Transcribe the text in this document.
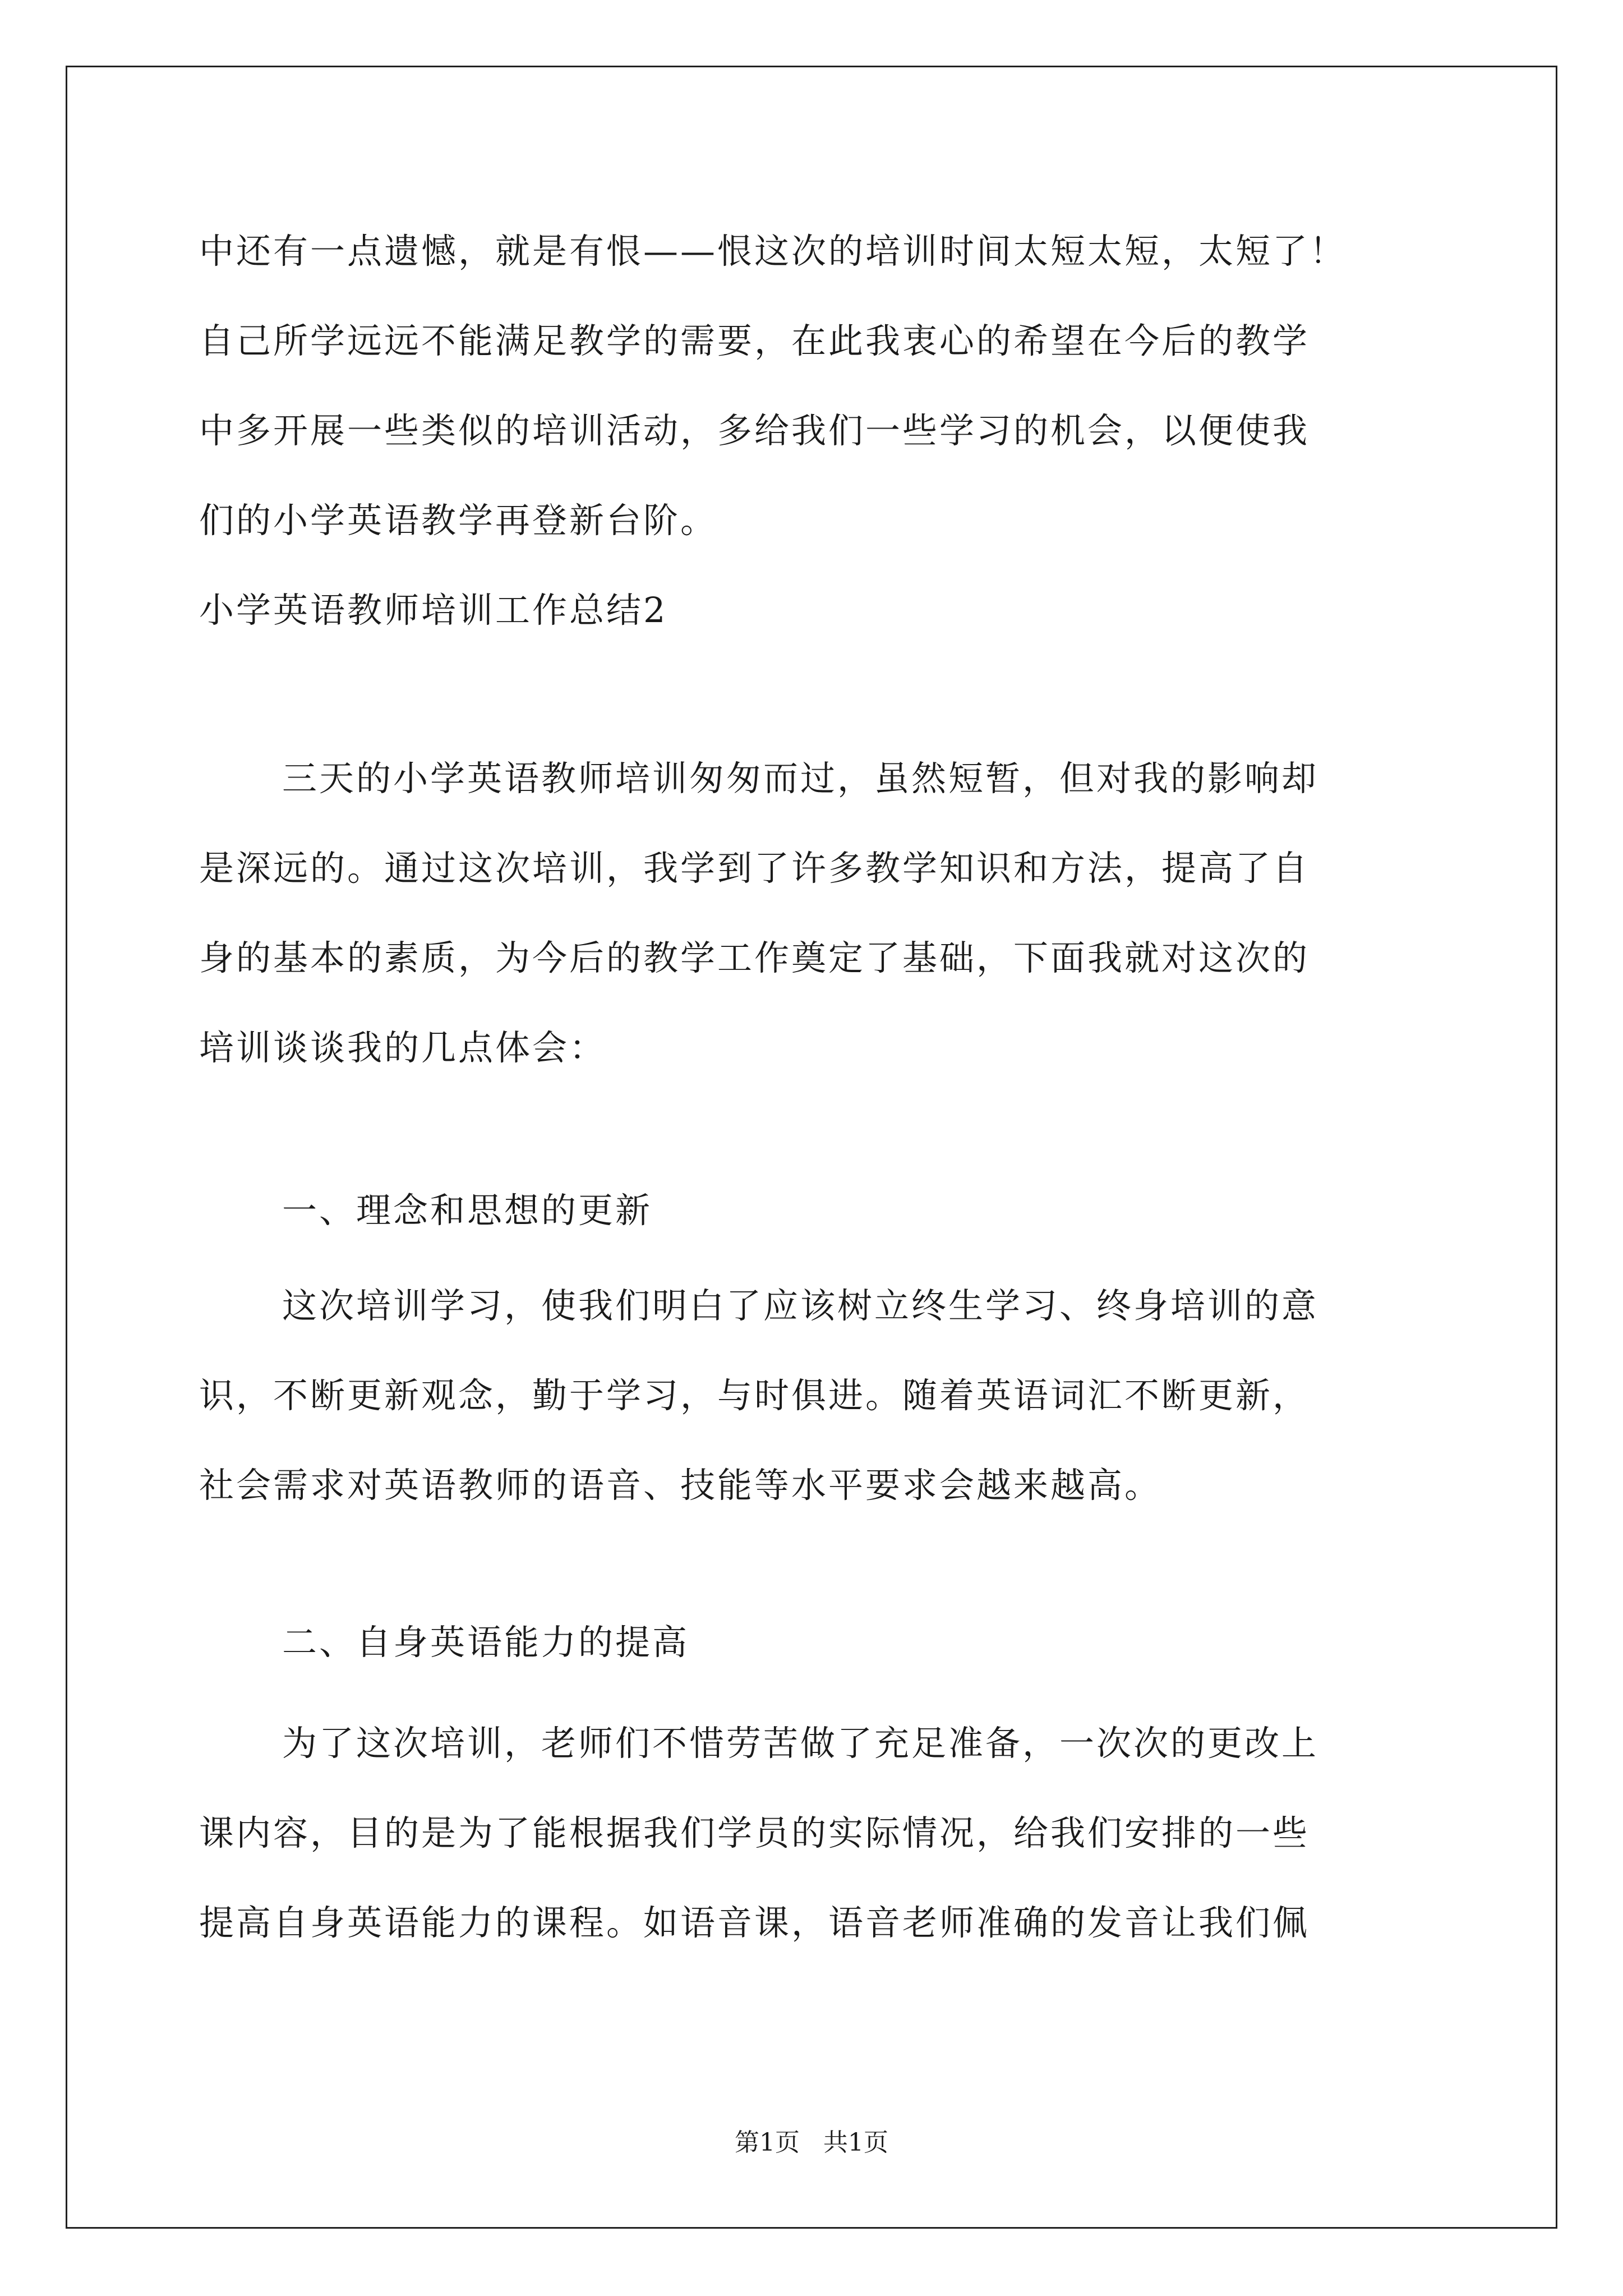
中还有一点遗憾，就是有恨——恨这次的培训时间太短太短，太短了！
自己所学远远不能满足教学的需要，在此我衷心的希望在今后的教学
中多开展一些类似的培训活动，多给我们一些学习的机会，以便使我
们的小学英语教学再登新台阶。
小学英语教师培训工作总结2
三天的小学英语教师培训匆匆而过，虽然短暂，但对我的影响却
是深远的。通过这次培训，我学到了许多教学知识和方法，提高了自
身的基本的素质，为今后的教学工作奠定了基础，下面我就对这次的
培训谈谈我的几点体会：
一、理念和思想的更新
这次培训学习，使我们明白了应该树立终生学习、终身培训的意
识，不断更新观念，勤于学习，与时俱进。随着英语词汇不断更新，
社会需求对英语教师的语音、技能等水平要求会越来越高。
二、自身英语能力的提高
为了这次培训，老师们不惜劳苦做了充足准备，一次次的更改上
课内容，目的是为了能根据我们学员的实际情况，给我们安排的一些
提高自身英语能力的课程。如语音课，语音老师准确的发音让我们佩
第1页   共1页
